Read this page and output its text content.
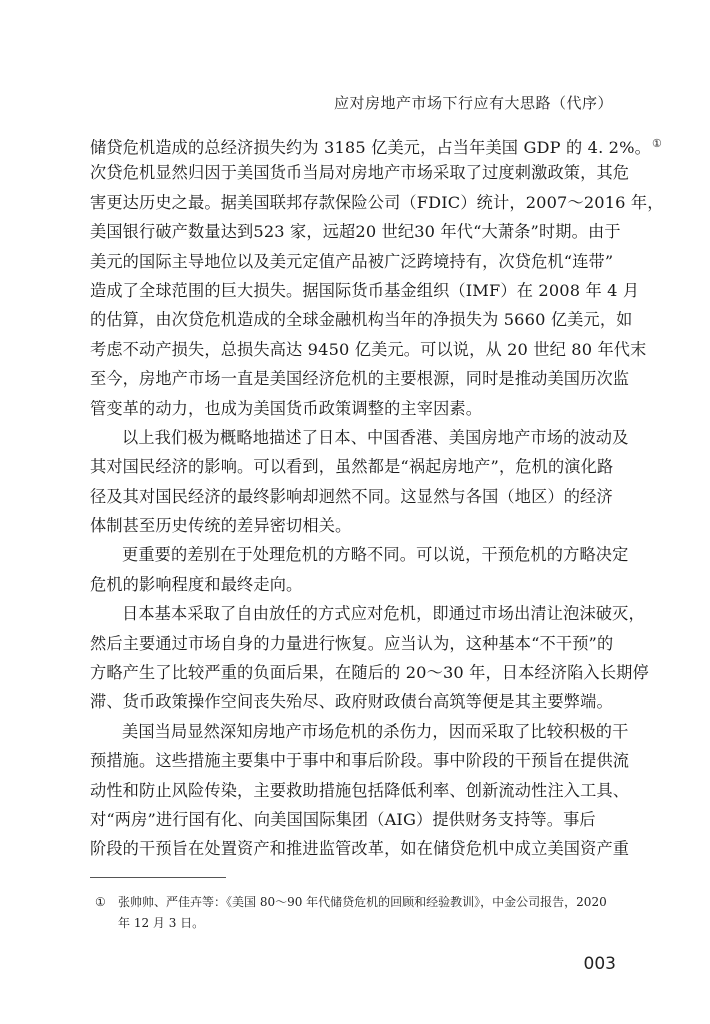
应对房地产市场下行应有大思路（代序）
储贷危机造成的总经济损失约为 3185 亿美元，占当年美国 GDP 的 4. 2%。①
次贷危机显然归因于美国货币当局对房地产市场采取了过度刺激政策，其危
害更达历史之最。据美国联邦存款保险公司（FDIC）统计，2007～2016 年，
美国银行破产数量达到523 家，远超20 世纪30 年代“大萧条”时期。由于
美元的国际主导地位以及美元定值产品被广泛跨境持有，次贷危机“连带”
造成了全球范围的巨大损失。据国际货币基金组织（IMF）在 2008 年 4 月
的估算，由次贷危机造成的全球金融机构当年的净损失为 5660 亿美元，如
考虑不动产损失，总损失高达 9450 亿美元。可以说，从 20 世纪 80 年代末
至今，房地产市场一直是美国经济危机的主要根源，同时是推动美国历次监
管变革的动力，也成为美国货币政策调整的主宰因素。
以上我们极为概略地描述了日本、中国香港、美国房地产市场的波动及
其对国民经济的影响。可以看到，虽然都是“祸起房地产”，危机的演化路
径及其对国民经济的最终影响却迥然不同。这显然与各国（地区）的经济
体制甚至历史传统的差异密切相关。
更重要的差别在于处理危机的方略不同。可以说，干预危机的方略决定
危机的影响程度和最终走向。
日本基本采取了自由放任的方式应对危机，即通过市场出清让泡沫破灭，
然后主要通过市场自身的力量进行恢复。应当认为，这种基本“不干预”的
方略产生了比较严重的负面后果，在随后的 20～30 年，日本经济陷入长期停
滞、货币政策操作空间丧失殆尽、政府财政债台高筑等便是其主要弊端。
美国当局显然深知房地产市场危机的杀伤力，因而采取了比较积极的干
预措施。这些措施主要集中于事中和事后阶段。事中阶段的干预旨在提供流
动性和防止风险传染，主要救助措施包括降低利率、创新流动性注入工具、
对“两房”进行国有化、向美国国际集团（AIG）提供财务支持等。事后
阶段的干预旨在处置资产和推进监管改革，如在储贷危机中成立美国资产重
① 张帅帅、严佳卉等：《美国 80～90 年代储贷危机的回顾和经验教训》，中金公司报告，2020
年 12 月 3 日。
003
